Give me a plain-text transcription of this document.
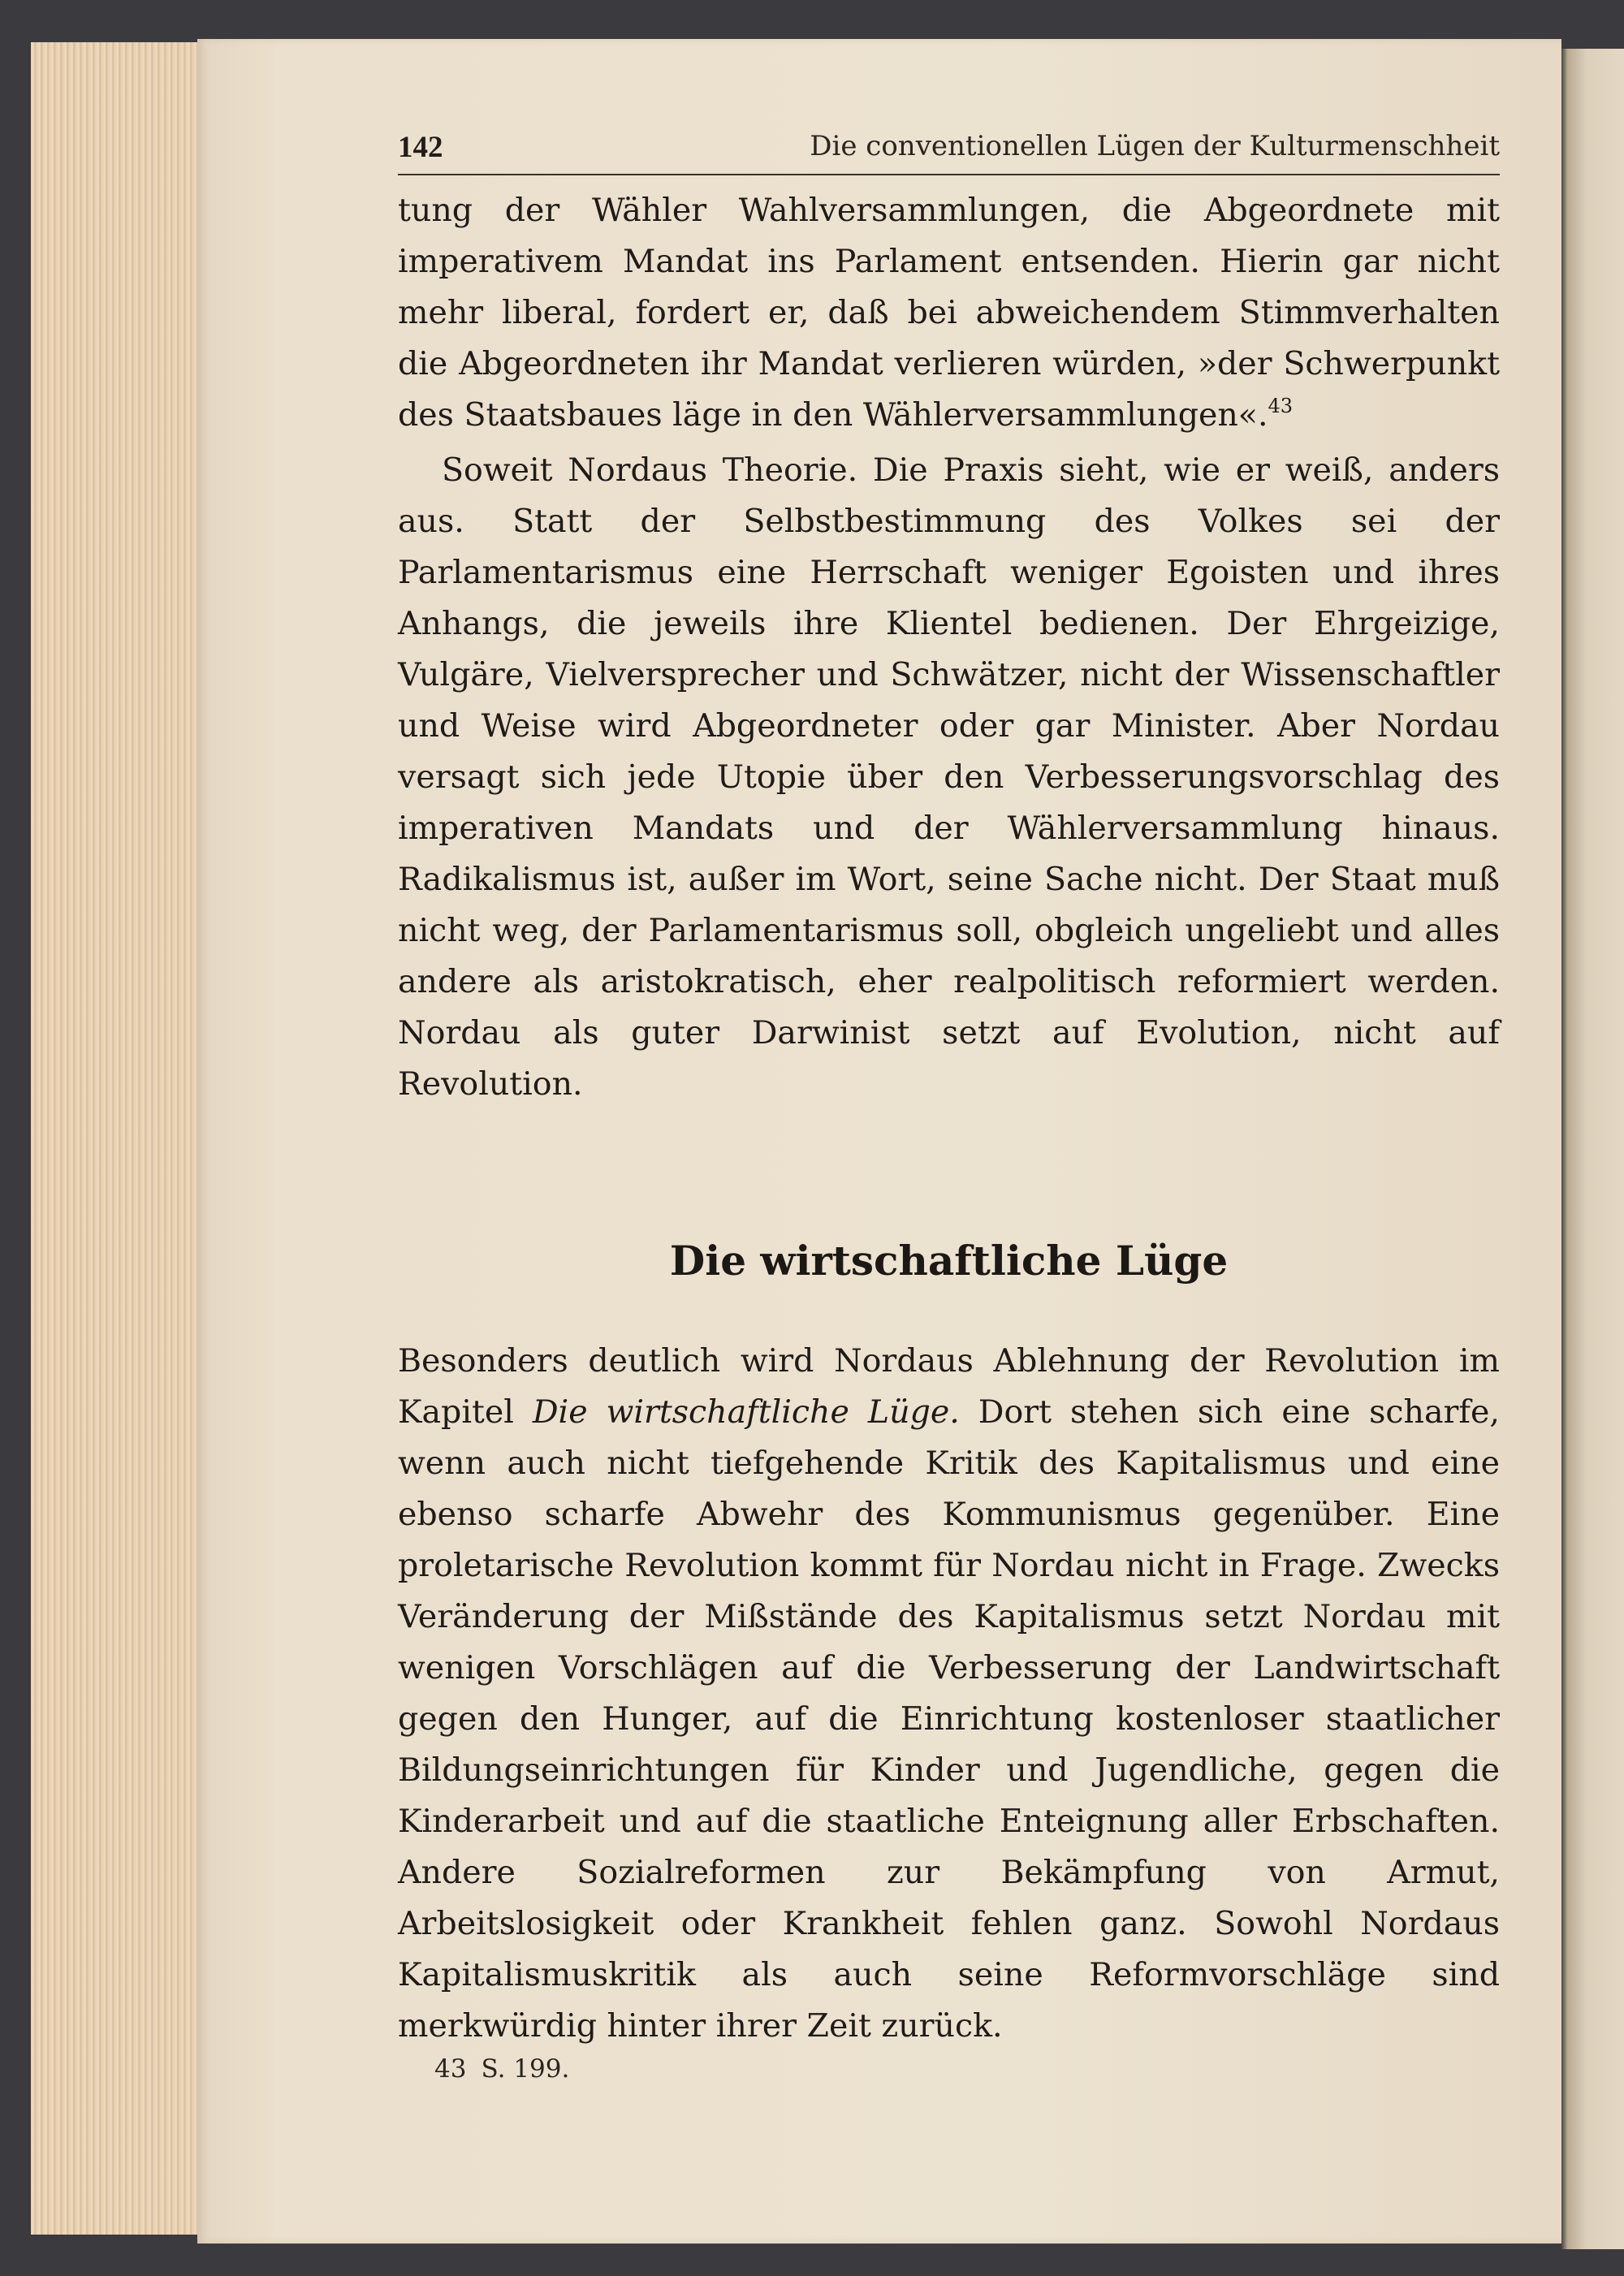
142	Die conventionellen Lügen der Kulturmenschheit

tung der Wähler Wahlversammlungen, die Abgeordnete mit imperativem Mandat ins Parlament entsenden. Hierin gar nicht mehr liberal, fordert er, daß bei abweichendem Stimmverhalten die Abgeordneten ihr Mandat verlieren würden, »der Schwerpunkt des Staatsbaues läge in den Wählerversammlungen«.$^{43}$

Soweit Nordaus Theorie. Die Praxis sieht, wie er weiß, anders aus. Statt der Selbstbestimmung des Volkes sei der Parlamentarismus eine Herrschaft weniger Egoisten und ihres Anhangs, die jeweils ihre Klientel bedienen. Der Ehrgeizige, Vulgäre, Vielversprecher und Schwätzer, nicht der Wissenschaftler und Weise wird Abgeordneter oder gar Minister. Aber Nordau versagt sich jede Utopie über den Verbesserungsvorschlag des imperativen Mandats und der Wählerversammlung hinaus. Radikalismus ist, außer im Wort, seine Sache nicht. Der Staat muß nicht weg, der Parlamentarismus soll, obgleich ungeliebt und alles andere als aristokratisch, eher realpolitisch reformiert werden. Nordau als guter Darwinist setzt auf Evolution, nicht auf Revolution.

Die wirtschaftliche Lüge

Besonders deutlich wird Nordaus Ablehnung der Revolution im Kapitel Die wirtschaftliche Lüge. Dort stehen sich eine scharfe, wenn auch nicht tiefgehende Kritik des Kapitalismus und eine ebenso scharfe Abwehr des Kommunismus gegenüber. Eine proletarische Revolution kommt für Nordau nicht in Frage. Zwecks Veränderung der Mißstände des Kapitalismus setzt Nordau mit wenigen Vorschlägen auf die Verbesserung der Landwirtschaft gegen den Hunger, auf die Einrichtung kostenloser staatlicher Bildungseinrichtungen für Kinder und Jugendliche, gegen die Kinderarbeit und auf die staatliche Enteignung aller Erbschaften. Andere Sozialreformen zur Bekämpfung von Armut, Arbeitslosigkeit oder Krankheit fehlen ganz. Sowohl Nordaus Kapitalismuskritik als auch seine Reformvorschläge sind merkwürdig hinter ihrer Zeit zurück.

43 S. 199.
